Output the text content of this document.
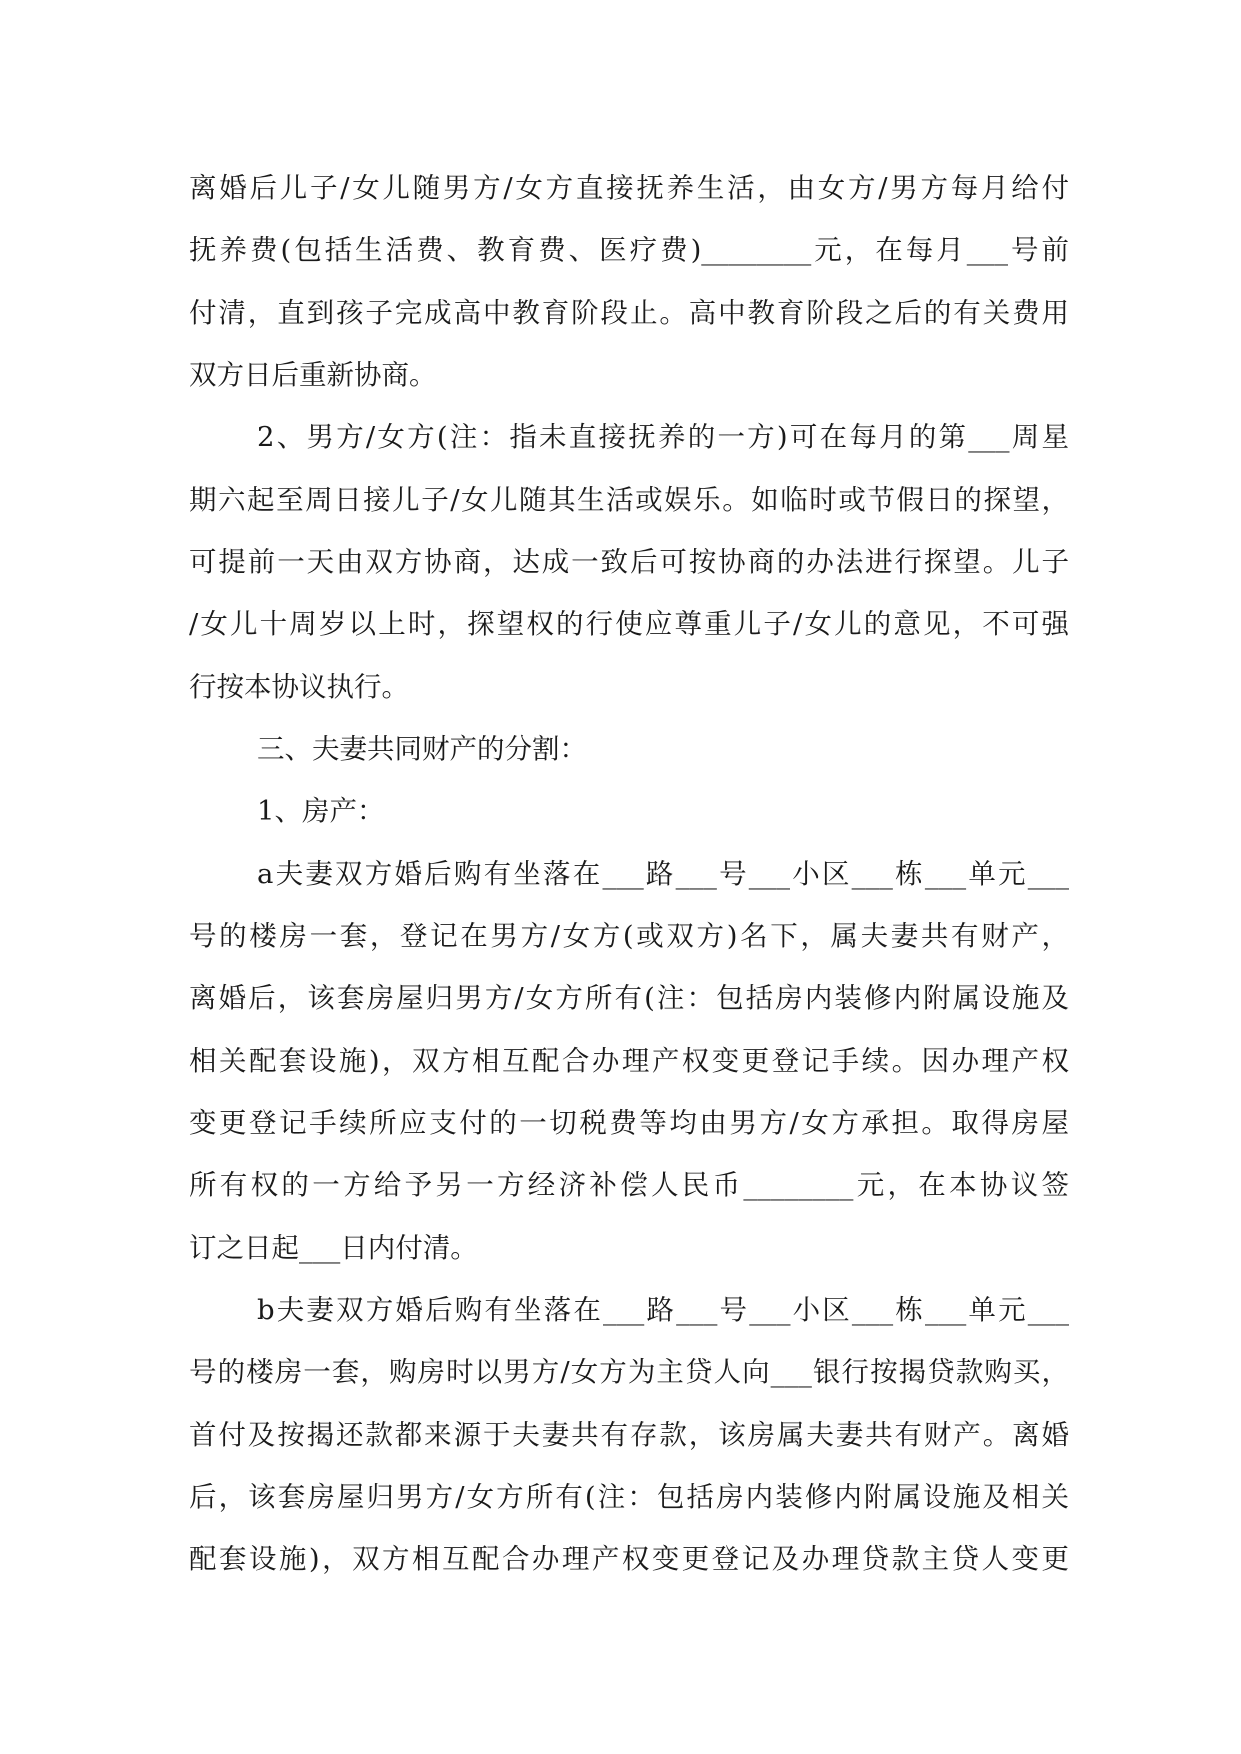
离婚后儿子/女儿随男方/女方直接抚养生活，由女方/男方每月给付
抚养费(包括生活费、教育费、医疗费)________元，在每月___号前
付清，直到孩子完成高中教育阶段止。高中教育阶段之后的有关费用
双方日后重新协商。
2、男方/女方(注：指未直接抚养的一方)可在每月的第___周星
期六起至周日接儿子/女儿随其生活或娱乐。如临时或节假日的探望，
可提前一天由双方协商，达成一致后可按协商的办法进行探望。儿子
/女儿十周岁以上时，探望权的行使应尊重儿子/女儿的意见，不可强
行按本协议执行。
三、夫妻共同财产的分割：
1、房产：
a夫妻双方婚后购有坐落在___路___号___小区___栋___单元___
号的楼房一套，登记在男方/女方(或双方)名下，属夫妻共有财产，
离婚后，该套房屋归男方/女方所有(注：包括房内装修内附属设施及
相关配套设施)，双方相互配合办理产权变更登记手续。因办理产权
变更登记手续所应支付的一切税费等均由男方/女方承担。取得房屋
所有权的一方给予另一方经济补偿人民币________元，在本协议签
订之日起___日内付清。
b夫妻双方婚后购有坐落在___路___号___小区___栋___单元___
号的楼房一套，购房时以男方/女方为主贷人向___银行按揭贷款购买，
首付及按揭还款都来源于夫妻共有存款，该房属夫妻共有财产。离婚
后，该套房屋归男方/女方所有(注：包括房内装修内附属设施及相关
配套设施)，双方相互配合办理产权变更登记及办理贷款主贷人变更
